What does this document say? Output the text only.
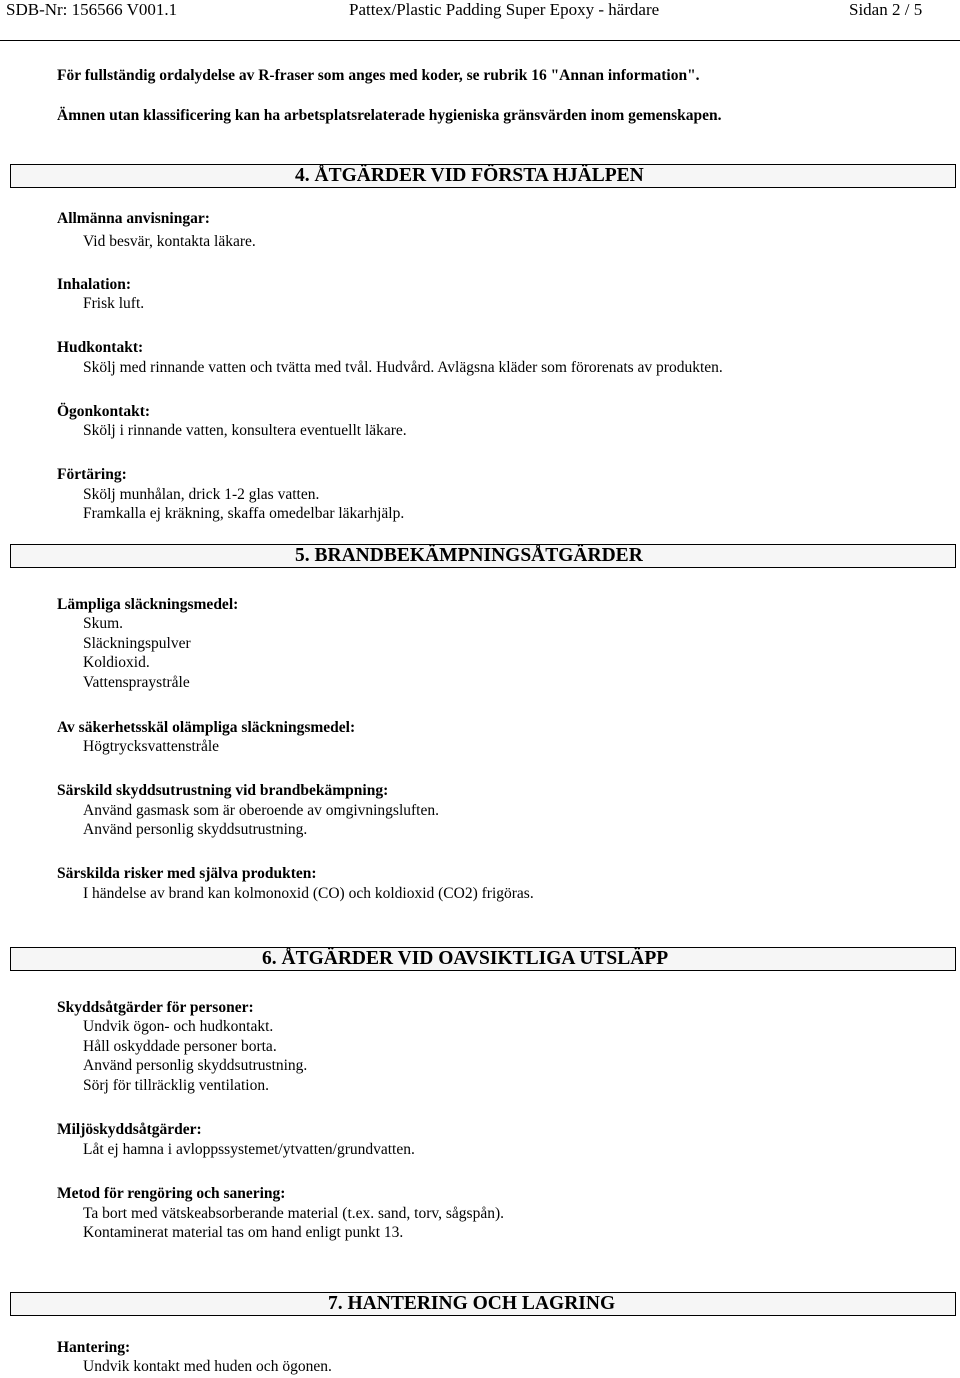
SDB-Nr: 156566 V001.1	Pattex/Plastic Padding Super Epoxy - härdare	Sidan 2 / 5
För fullständig ordalydelse av R-fraser som anges med koder, se rubrik 16 "Annan information".
Ämnen utan klassificering kan ha arbetsplatsrelaterade hygieniska gränsvärden inom gemenskapen.
4. ÅTGÄRDER VID FÖRSTA HJÄLPEN
Allmänna anvisningar:
Vid besvär, kontakta läkare.
Inhalation:
Frisk luft.
Hudkontakt:
Skölj med rinnande vatten och tvätta med tvål. Hudvård. Avlägsna kläder som förorenats av produkten.
Ögonkontakt:
Skölj i rinnande vatten, konsultera eventuellt läkare.
Förtäring:
Skölj munhålan, drick 1-2 glas vatten.
Framkalla ej kräkning, skaffa omedelbar läkarhjälp.
5. BRANDBEKÄMPNINGSÅTGÄRDER
Lämpliga släckningsmedel:
Skum.
Släckningspulver
Koldioxid.
Vattenspraystråle
Av säkerhetsskäl olämpliga släckningsmedel:
Högtrycksvattenstråle
Särskild skyddsutrustning vid brandbekämpning:
Använd gasmask som är oberoende av omgivningsluften.
Använd personlig skyddsutrustning.
Särskilda risker med själva produkten:
I händelse av brand kan kolmonoxid (CO) och koldioxid (CO2) frigöras.
6. ÅTGÄRDER VID OAVSIKTLIGA UTSLÄPP
Skyddsåtgärder för personer:
Undvik ögon- och hudkontakt.
Håll oskyddade personer borta.
Använd personlig skyddsutrustning.
Sörj för tillräcklig ventilation.
Miljöskyddsåtgärder:
Låt ej hamna i avloppssystemet/ytvatten/grundvatten.
Metod för rengöring och sanering:
Ta bort med vätskeabsorberande material (t.ex. sand, torv, sågspån).
Kontaminerat material tas om hand enligt punkt 13.
7. HANTERING OCH LAGRING
Hantering:
Undvik kontakt med huden och ögonen.
